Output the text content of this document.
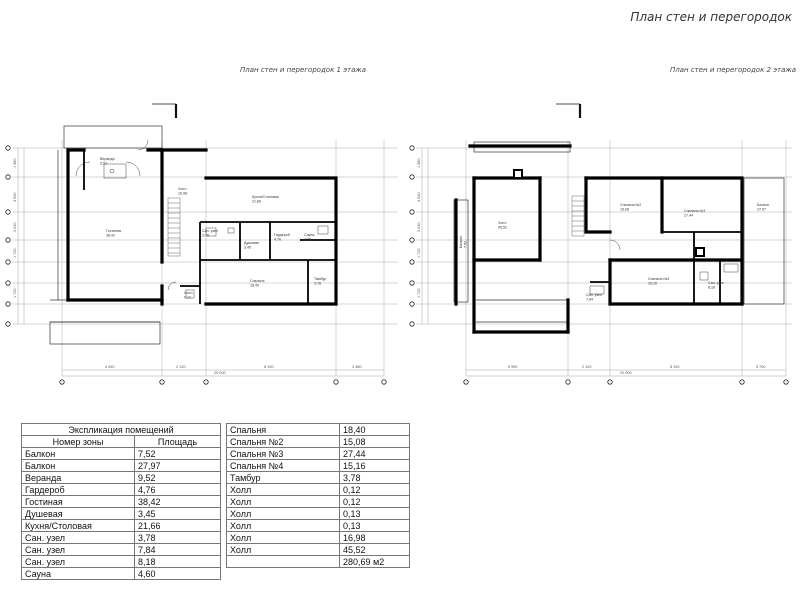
План стен и перегородок
План стен и перегородок 1 этажа	План стен и перегородок 2 этажа
Веранда 9,52
Гостиная 38,42
Холл 16,98
Кухня/Столовая 21,66
Сан. узел 3,78	Гардероб 4,76
Душевая 3,45
Сауна 4,60
Спальня 18,40
Тамбур 3,78
Холл 0,12
4 050	2 120	8 190	3 380
20 000
1 980
3 940
3 040
1 720
1 720
Спальня №2 15,08	Спальня №3 27,44
Балкон 27,97
Балкон7,52
Спальня №4 15,16	Сан. узел 8,18
Сан. узел 7,84
Холл 45,52
5 990	2 120	8 190	3 700
20 000
1 980
3 940
3 040
1 720
1 720
Экспликация помещений	
Номер зоны	Площадь
Балкон	7,52
Балкон	27,97
Веранда	9,52
Гардероб	4,76
Гостиная	38,42
Душевая	3,45
Кухня/Столовая	21,66
Сан. узел	3,78
Сан. узел	7,84
Сан. узел	8,18
Сауна	4,60
Спальня	18,40
Спальня №2	15,08
Спальня №3	27,44
Спальня №4	15,16
Тамбур	3,78
Холл	0,12
Холл	0,12
Холл	0,13
Холл	0,13
Холл	16,98
Холл	45,52
	280,69 м2
